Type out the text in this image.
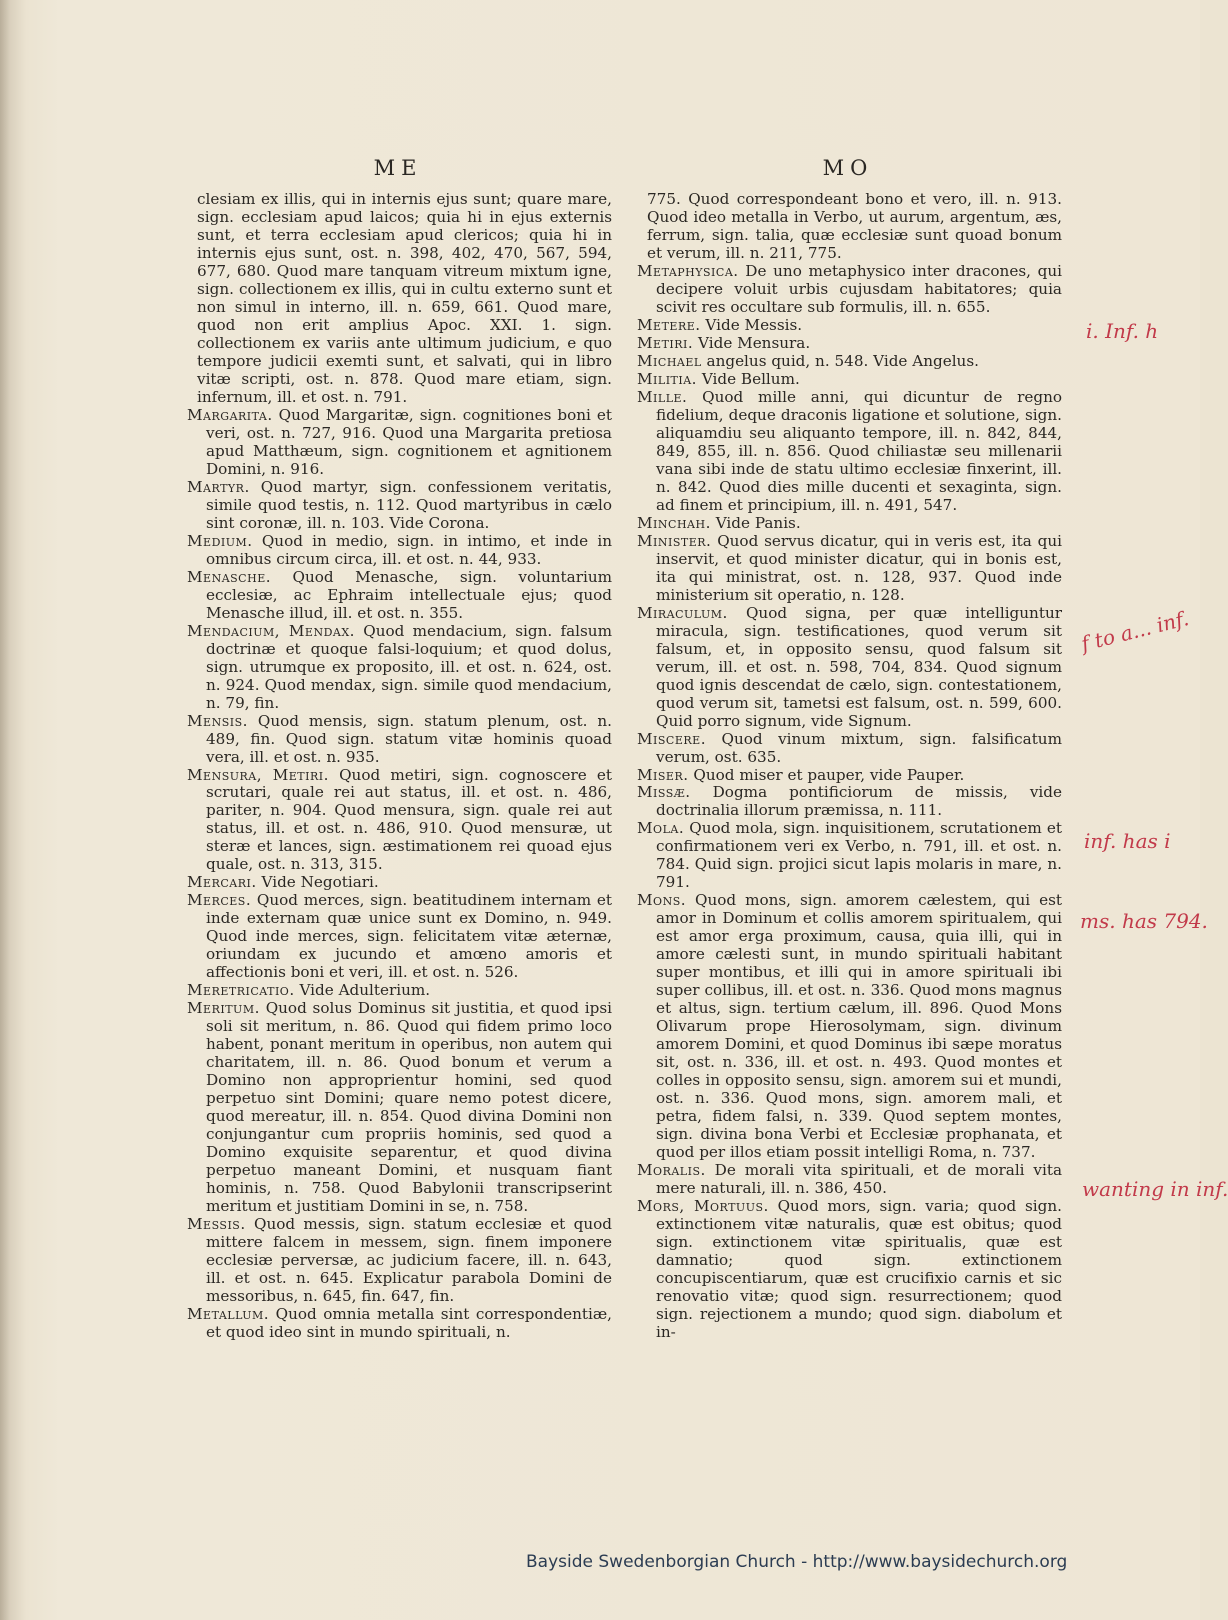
ME	MO

clesiam ex illis, qui in internis ejus sunt; quare mare, sign. ecclesiam apud laicos; quia hi in ejus externis sunt, et terra ecclesiam apud clericos; quia hi in internis ejus sunt, ost. n. 398, 402, 470, 567, 594, 677, 680. Quod mare tanquam vitreum mixtum igne, sign. collectionem ex illis, qui in cultu externo sunt et non simul in interno, ill. n. 659, 661. Quod mare, quod non erit amplius Apoc. XXI. 1. sign. collectionem ex variis ante ultimum judicium, e quo tempore judicii exemti sunt, et salvati, qui in libro vitæ scripti, ost. n. 878. Quod mare etiam, sign. infernum, ill. et ost. n. 791.

Margarita. Quod Margaritæ, sign. cognitiones boni et veri, ost. n. 727, 916. Quod una Margarita pretiosa apud Matthæum, sign. cognitionem et agnitionem Domini, n. 916.

Martyr. Quod martyr, sign. confessionem veritatis, simile quod testis, n. 112. Quod martyribus in cælo sint coronæ, ill. n. 103. Vide Corona.

Medium. Quod in medio, sign. in intimo, et inde in omnibus circum circa, ill. et ost. n. 44, 933.

Menasche. Quod Menasche, sign. voluntarium ecclesiæ, ac Ephraim intellectuale ejus; quod Menasche illud, ill. et ost. n. 355.

Mendacium, Mendax. Quod mendacium, sign. falsum doctrinæ et quoque falsi-loquium; et quod dolus, sign. utrumque ex proposito, ill. et ost. n. 624, ost. n. 924. Quod mendax, sign. simile quod mendacium, n. 79, fin.

Mensis. Quod mensis, sign. statum plenum, ost. n. 489, fin. Quod sign. statum vitæ hominis quoad vera, ill. et ost. n. 935.

Mensura, Metiri. Quod metiri, sign. cognoscere et scrutari, quale rei aut status, ill. et ost. n. 486, pariter, n. 904. Quod mensura, sign. quale rei aut status, ill. et ost. n. 486, 910. Quod mensuræ, ut steræ et lances, sign. æstimationem rei quoad ejus quale, ost. n. 313, 315.

Mercari. Vide Negotiari.

Merces. Quod merces, sign. beatitudinem internam et inde externam quæ unice sunt ex Domino, n. 949. Quod inde merces, sign. felicitatem vitæ æternæ, oriundam ex jucundo et amœno amoris et affectionis boni et veri, ill. et ost. n. 526.

Meretricatio. Vide Adulterium.

Meritum. Quod solus Dominus sit justitia, et quod ipsi soli sit meritum, n. 86. Quod qui fidem primo loco habent, ponant meritum in operibus, non autem qui charitatem, ill. n. 86. Quod bonum et verum a Domino non approprientur homini, sed quod perpetuo sint Domini; quare nemo potest dicere, quod mereatur, ill. n. 854. Quod divina Domini non conjungantur cum propriis hominis, sed quod a Domino exquisite separentur, et quod divina perpetuo maneant Domini, et nusquam fiant hominis, n. 758. Quod Babylonii transcripserint meritum et justitiam Domini in se, n. 758.

Messis. Quod messis, sign. statum ecclesiæ et quod mittere falcem in messem, sign. finem imponere ecclesiæ perversæ, ac judicium facere, ill. n. 643, ill. et ost. n. 645. Explicatur parabola Domini de messoribus, n. 645, fin. 647, fin.

Metallum. Quod omnia metalla sint correspondentiæ, et quod ideo sint in mundo spirituali, n.

775. Quod correspondeant bono et vero, ill. n. 913. Quod ideo metalla in Verbo, ut aurum, argentum, æs, ferrum, sign. talia, quæ ecclesiæ sunt quoad bonum et verum, ill. n. 211, 775.

Metaphysica. De uno metaphysico inter dracones, qui decipere voluit urbis cujusdam habitatores; quia scivit res occultare sub formulis, ill. n. 655.

Metere. Vide Messis.

Metiri. Vide Mensura.

Michael angelus quid, n. 548. Vide Angelus.

Militia. Vide Bellum.

Mille. Quod mille anni, qui dicuntur de regno fidelium, deque draconis ligatione et solutione, sign. aliquamdiu seu aliquanto tempore, ill. n. 842, 844, 849, 855, ill. n. 856. Quod chiliastæ seu millenarii vana sibi inde de statu ultimo ecclesiæ finxerint, ill. n. 842. Quod dies mille ducenti et sexaginta, sign. ad finem et principium, ill. n. 491, 547.

Minchah. Vide Panis.

Minister. Quod servus dicatur, qui in veris est, ita qui inservit, et quod minister dicatur, qui in bonis est, ita qui ministrat, ost. n. 128, 937. Quod inde ministerium sit operatio, n. 128.

Miraculum. Quod signa, per quæ intelliguntur miracula, sign. testificationes, quod verum sit falsum, et, in opposito sensu, quod falsum sit verum, ill. et ost. n. 598, 704, 834. Quod signum quod ignis descendat de cælo, sign. contestationem, quod verum sit, tametsi est falsum, ost. n. 599, 600. Quid porro signum, vide Signum.

Miscere. Quod vinum mixtum, sign. falsificatum verum, ost. 635.

Miser. Quod miser et pauper, vide Pauper.

Missæ. Dogma pontificiorum de missis, vide doctrinalia illorum præmissa, n. 111.

Mola. Quod mola, sign. inquisitionem, scrutationem et confirmationem veri ex Verbo, n. 791, ill. et ost. n. 784. Quid sign. projici sicut lapis molaris in mare, n. 791.

Mons. Quod mons, sign. amorem cælestem, qui est amor in Dominum et collis amorem spiritualem, qui est amor erga proximum, causa, quia illi, qui in amore cælesti sunt, in mundo spirituali habitant super montibus, et illi qui in amore spirituali ibi super collibus, ill. et ost. n. 336. Quod mons magnus et altus, sign. tertium cælum, ill. 896. Quod Mons Olivarum prope Hierosolymam, sign. divinum amorem Domini, et quod Dominus ibi sæpe moratus sit, ost. n. 336, ill. et ost. n. 493. Quod montes et colles in opposito sensu, sign. amorem sui et mundi, ost. n. 336. Quod mons, sign. amorem mali, et petra, fidem falsi, n. 339. Quod septem montes, sign. divina bona Verbi et Ecclesiæ prophanata, et quod per illos etiam possit intelligi Roma, n. 737.

Moralis. De morali vita spirituali, et de morali vita mere naturali, ill. n. 386, 450.

Mors, Mortuus. Quod mors, sign. varia; quod sign. extinctionem vitæ naturalis, quæ est obitus; quod sign. extinctionem vitæ spiritualis, quæ est damnatio; quod sign. extinctionem concupiscentiarum, quæ est crucifixio carnis et sic renovatio vitæ; quod sign. resurrectionem; quod sign. rejectionem a mundo; quod sign. diabolum et in-

i. Inf. h
f to a... inf.
inf. has i
ms. has 794.
wanting in inf.
Bayside Swedenborgian Church - http://www.baysidechurch.org
